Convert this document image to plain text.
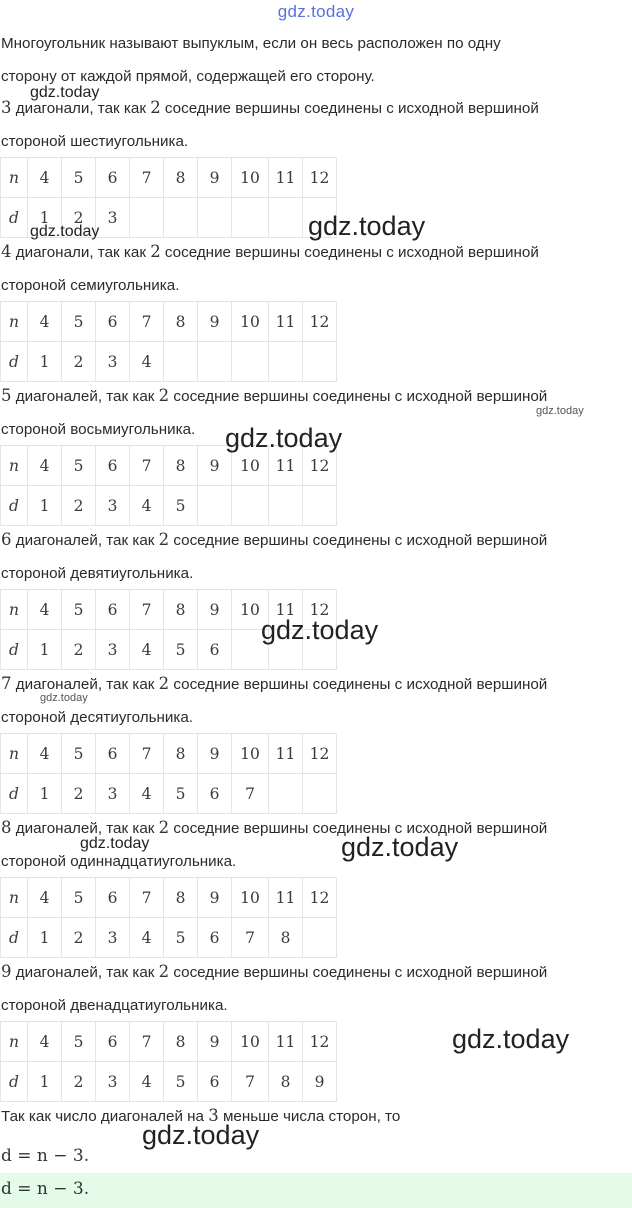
gdz.today
Многоугольник называют выпуклым, если он весь расположен по одну
сторону от каждой прямой, содержащей его сторону.
3 диагонали, так как 2 соседние вершины соединены с исходной вершиной
стороной шестиугольника.
n	4	5	6	7	8	9	10	11	12
d	1	2	3						
4 диагонали, так как 2 соседние вершины соединены с исходной вершиной
стороной семиугольника.
n	4	5	6	7	8	9	10	11	12
d	1	2	3	4					
5 диагоналей, так как 2 соседние вершины соединены с исходной вершиной
стороной восьмиугольника.
n	4	5	6	7	8	9	10	11	12
d	1	2	3	4	5				
6 диагоналей, так как 2 соседние вершины соединены с исходной вершиной
стороной девятиугольника.
n	4	5	6	7	8	9	10	11	12
d	1	2	3	4	5	6			
7 диагоналей, так как 2 соседние вершины соединены с исходной вершиной
стороной десятиугольника.
n	4	5	6	7	8	9	10	11	12
d	1	2	3	4	5	6	7		
8 диагоналей, так как 2 соседние вершины соединены с исходной вершиной
стороной одиннадцатиугольника.
n	4	5	6	7	8	9	10	11	12
d	1	2	3	4	5	6	7	8	
9 диагоналей, так как 2 соседние вершины соединены с исходной вершиной
стороной двенадцатиугольника.
n	4	5	6	7	8	9	10	11	12
d	1	2	3	4	5	6	7	8	9
Так как число диагоналей на 3 меньше числа сторон, то
d = n − 3.
d = n − 3.
gdz.today
gdz.today	gdz.today
gdz.today
gdz.today
gdz.today
gdz.today
gdz.today	gdz.today
gdz.today
gdz.today
